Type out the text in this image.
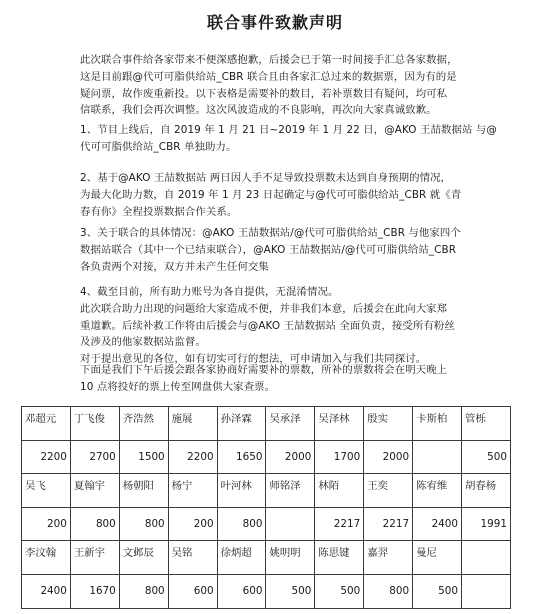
联合事件致歉声明

此次联合事件给各家带来不便深感抱歉，后援会已于第一时间接手汇总各家数据，
这是目前跟@代可可脂供给站_CBR 联合且由各家汇总过来的数据票，因为有的是
疑问票，故作废重新投。以下表格是需要补的数目，若补票数目有疑问，均可私
信联系，我们会再次调整。这次风波造成的不良影响，再次向大家真诚致歉。

1、节目上线后，自 2019 年 1 月 21 日~2019 年 1 月 22 日，@AKO 王喆数据站 与@
代可可脂供给站_CBR 单独助力。

2、基于@AKO 王喆数据站 两日因人手不足导致投票数未达到自身预期的情况，
为最大化助力数，自 2019 年 1 月 23 日起确定与@代可可脂供给站_CBR 就《青
春有你》全程投票数据合作关系。

3、关于联合的具体情况：@AKO 王喆数据站/@代可可脂供给站_CBR 与他家四个
数据站联合（其中一个已结束联合），@AKO 王喆数据站/@代可可脂供给站_CBR
各负责两个对接，双方并未产生任何交集

4、截至目前，所有助力账号为各自提供，无混淆情况。
此次联合助力出现的问题给大家造成不便，并非我们本意，后援会在此向大家郑
重道歉。后续补救工作将由后援会与@AKO 王喆数据站 全面负责，接受所有粉丝
及涉及的他家数据站监督。
对于提出意见的各位，如有切实可行的想法，可申请加入与我们共同探讨。

下面是我们下午后援会跟各家协商好需要补的票数，所补的票数将会在明天晚上
10 点将投好的票上传至网盘供大家查票。

邓超元	丁飞俊	齐浩然	施展	孙泽霖	吴承泽	吴泽林	殷实	卡斯柏	管栎
2200	2700	1500	2200	1650	2000	1700	2000		500
吴飞	夏翰宇	杨朝阳	杨宁	叶河林	师铭泽	林陌	王奕	陈宥维	胡春杨
200	800	800	200	800		2217	2217	2400	1991
李汶翰	王新宇	文邺辰	吴铭	徐炳超	姚明明	陈思键	嘉羿	曼尼	
2400	1670	800	600	600	500	500	800	500	
